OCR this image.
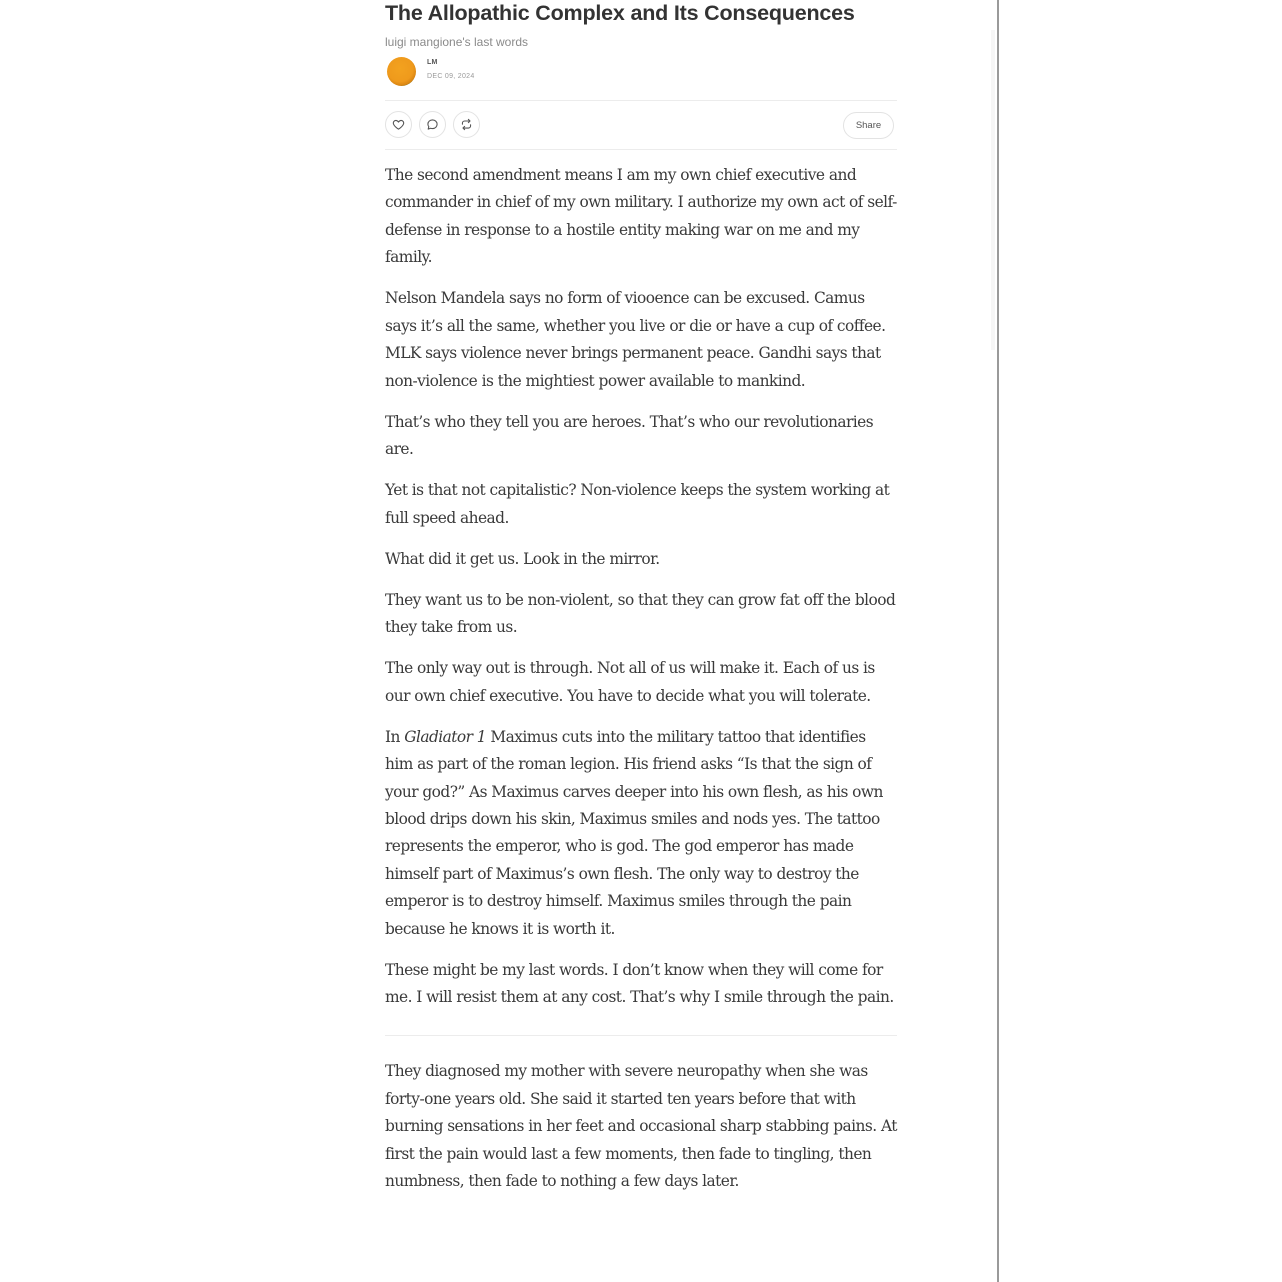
The Allopathic Complex and Its Consequences
luigi mangione's last words
LM
DEC 09, 2024
Share

The second amendment means I am my own chief executive and commander in chief of my own military. I authorize my own act of self-defense in response to a hostile entity making war on me and my family.

Nelson Mandela says no form of viooence can be excused. Camus says it’s all the same, whether you live or die or have a cup of coffee. MLK says violence never brings permanent peace. Gandhi says that non-violence is the mightiest power available to mankind.

That’s who they tell you are heroes. That’s who our revolutionaries are.

Yet is that not capitalistic? Non-violence keeps the system working at full speed ahead.

What did it get us. Look in the mirror.

They want us to be non-violent, so that they can grow fat off the blood they take from us.

The only way out is through. Not all of us will make it. Each of us is our own chief executive. You have to decide what you will tolerate.

In Gladiator 1 Maximus cuts into the military tattoo that identifies him as part of the roman legion. His friend asks “Is that the sign of your god?” As Maximus carves deeper into his own flesh, as his own blood drips down his skin, Maximus smiles and nods yes. The tattoo represents the emperor, who is god. The god emperor has made himself part of Maximus’s own flesh. The only way to destroy the emperor is to destroy himself. Maximus smiles through the pain because he knows it is worth it.

These might be my last words. I don’t know when they will come for me. I will resist them at any cost. That’s why I smile through the pain.

They diagnosed my mother with severe neuropathy when she was forty-one years old. She said it started ten years before that with burning sensations in her feet and occasional sharp stabbing pains. At first the pain would last a few moments, then fade to tingling, then numbness, then fade to nothing a few days later.
